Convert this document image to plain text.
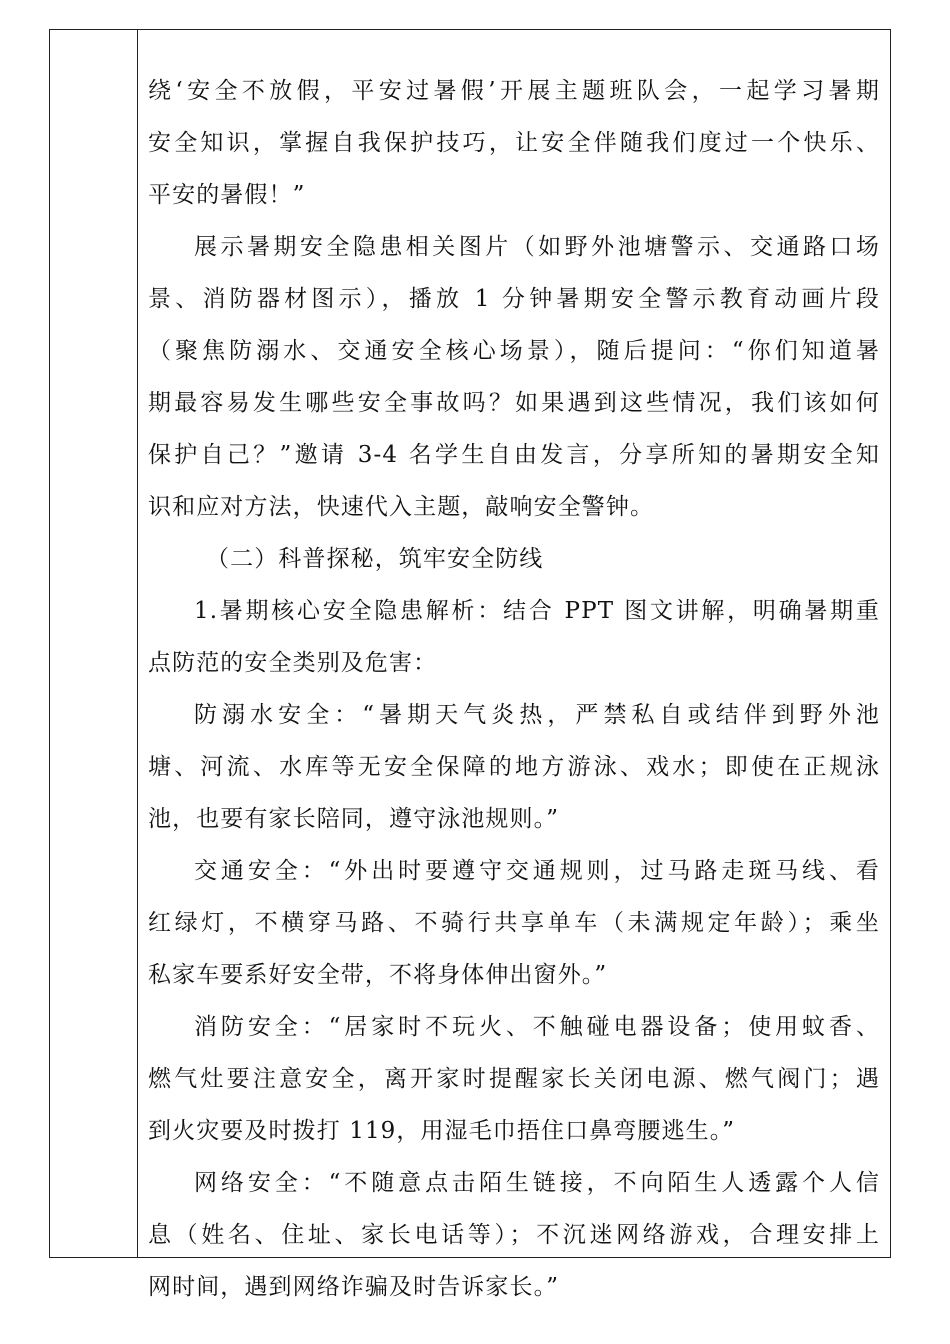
绕‘安全不放假，平安过暑假’开展主题班队会，一起学习暑期
安全知识，掌握自我保护技巧，让安全伴随我们度过一个快乐、
平安的暑假！”
展示暑期安全隐患相关图片（如野外池塘警示、交通路口场
景、消防器材图示），播放 1 分钟暑期安全警示教育动画片段
（聚焦防溺水、交通安全核心场景），随后提问：“你们知道暑
期最容易发生哪些安全事故吗？如果遇到这些情况，我们该如何
保护自己？”邀请 3-4 名学生自由发言，分享所知的暑期安全知
识和应对方法，快速代入主题，敲响安全警钟。
（二）科普探秘，筑牢安全防线
1.暑期核心安全隐患解析：结合 PPT 图文讲解，明确暑期重
点防范的安全类别及危害：
防溺水安全：“暑期天气炎热，严禁私自或结伴到野外池
塘、河流、水库等无安全保障的地方游泳、戏水；即使在正规泳
池，也要有家长陪同，遵守泳池规则。”
交通安全：“外出时要遵守交通规则，过马路走斑马线、看
红绿灯，不横穿马路、不骑行共享单车（未满规定年龄）；乘坐
私家车要系好安全带，不将身体伸出窗外。”
消防安全：“居家时不玩火、不触碰电器设备；使用蚊香、
燃气灶要注意安全，离开家时提醒家长关闭电源、燃气阀门；遇
到火灾要及时拨打 119，用湿毛巾捂住口鼻弯腰逃生。”
网络安全：“不随意点击陌生链接，不向陌生人透露个人信
息（姓名、住址、家长电话等）；不沉迷网络游戏，合理安排上
网时间，遇到网络诈骗及时告诉家长。”
